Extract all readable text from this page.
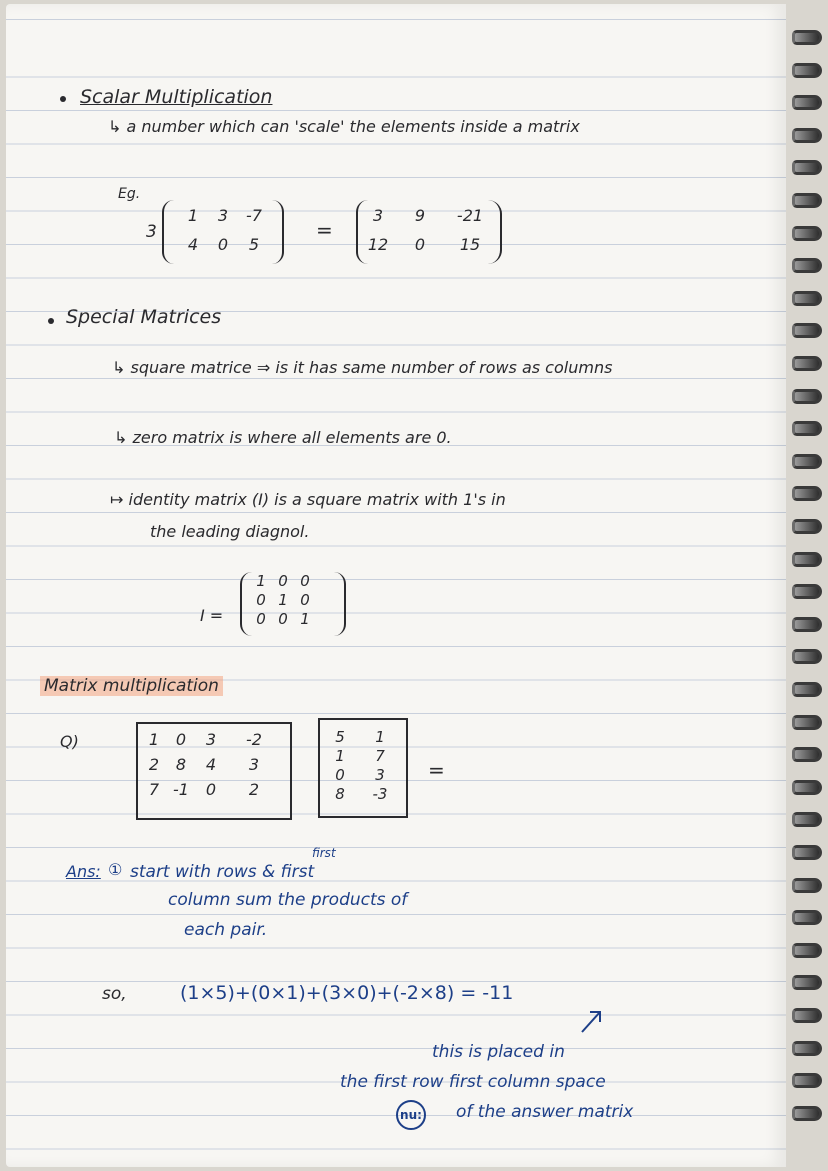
Scalar Multiplication
↳ a number which can 'scale' the elements inside a matrix
Eg.
3
1	3	-7
4	0	5
=
3	9	-21
12	0	15
Special Matrices
↳ square matrice ⇒ is it has same number of rows as columns
↳ zero matrix is where all elements are 0.
↦ identity matrix (I) is a square matrix with 1's in
the leading diagnol.
I =
1 0 0
0 1 0
0 0 1
Matrix multiplication
Q)	1	0	3	-2
2	8	4	3
7 -1	0	2
5	1
1	7
0	3
8	-3
=
Ans: ①
first
start with rows & first
column sum the products of
each pair.
so,	(1×5)+(0×1)+(3×0)+(-2×8) = -11
this is placed in
the first row first column space
of the answer matrix
nu:
